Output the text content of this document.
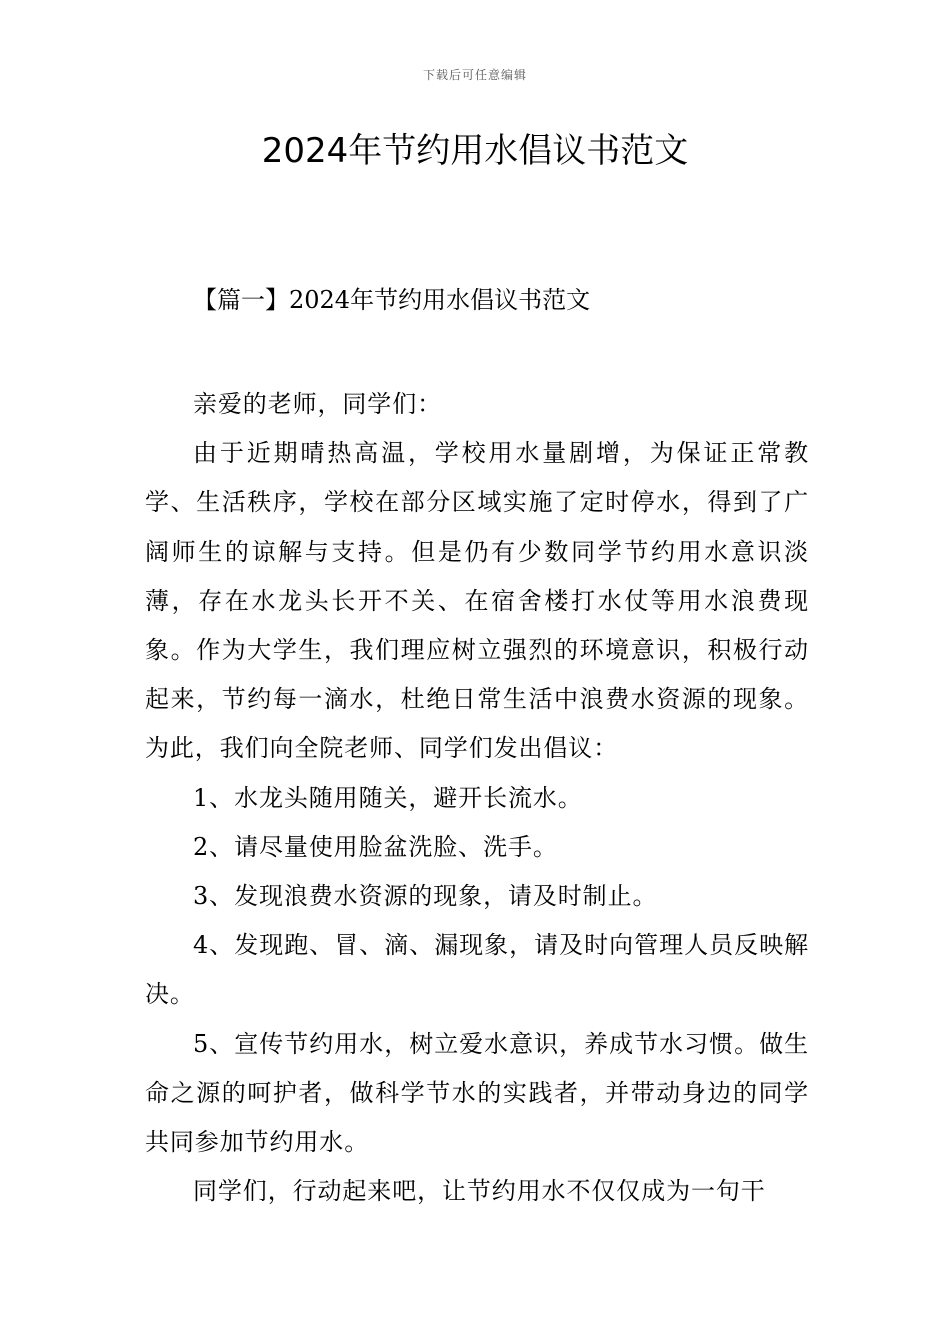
下载后可任意编辑
2024年节约用水倡议书范文
【篇一】2024年节约用水倡议书范文

亲爱的老师，同学们：

由于近期晴热高温，学校用水量剧增，为保证正常教学、生活秩序，学校在部分区域实施了定时停水，得到了广阔师生的谅解与支持。但是仍有少数同学节约用水意识淡薄，存在水龙头长开不关、在宿舍楼打水仗等用水浪费现象。作为大学生，我们理应树立强烈的环境意识，积极行动起来，节约每一滴水，杜绝日常生活中浪费水资源的现象。为此，我们向全院老师、同学们发出倡议：

1、水龙头随用随关，避开长流水。

2、请尽量使用脸盆洗脸、洗手。

3、发现浪费水资源的现象，请及时制止。

4、发现跑、冒、滴、漏现象，请及时向管理人员反映解决。

5、宣传节约用水，树立爱水意识，养成节水习惯。做生命之源的呵护者，做科学节水的实践者，并带动身边的同学共同参加节约用水。

同学们，行动起来吧，让节约用水不仅仅成为一句干
